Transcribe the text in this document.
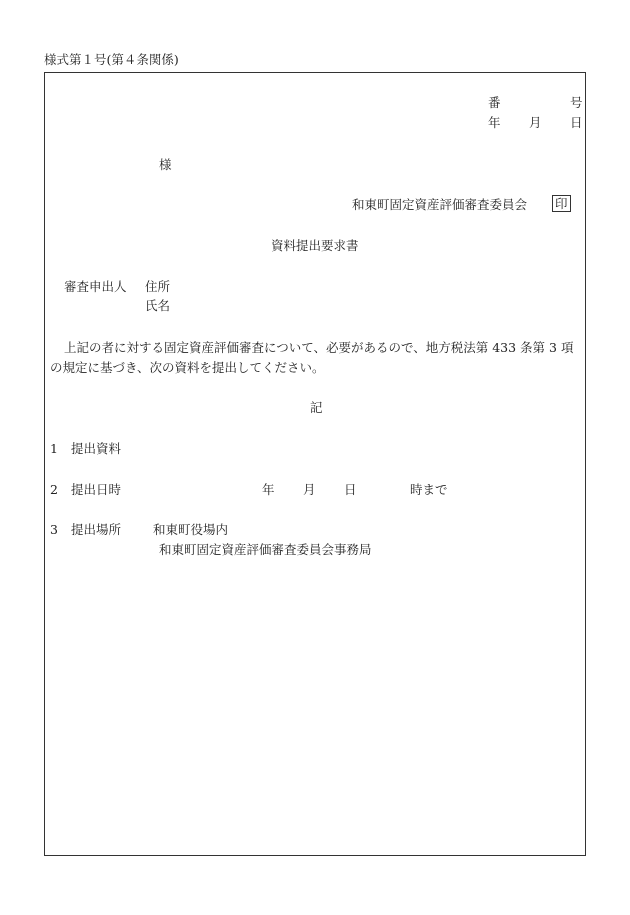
様式第１号(第４条関係)
番	号
年 月 日
様
和東町固定資産評価審査委員会 印
資料提出要求書
審査申出人 住所
氏名
上記の者に対する固定資産評価審査について、必要があるので、地方税法第 433 条第 3 項の規定に基づき、次の資料を提出してください。
記
1 提出資料
2 提出日時	年 月 日	時まで
3 提出場所	和東町役場内
和東町固定資産評価審査委員会事務局
